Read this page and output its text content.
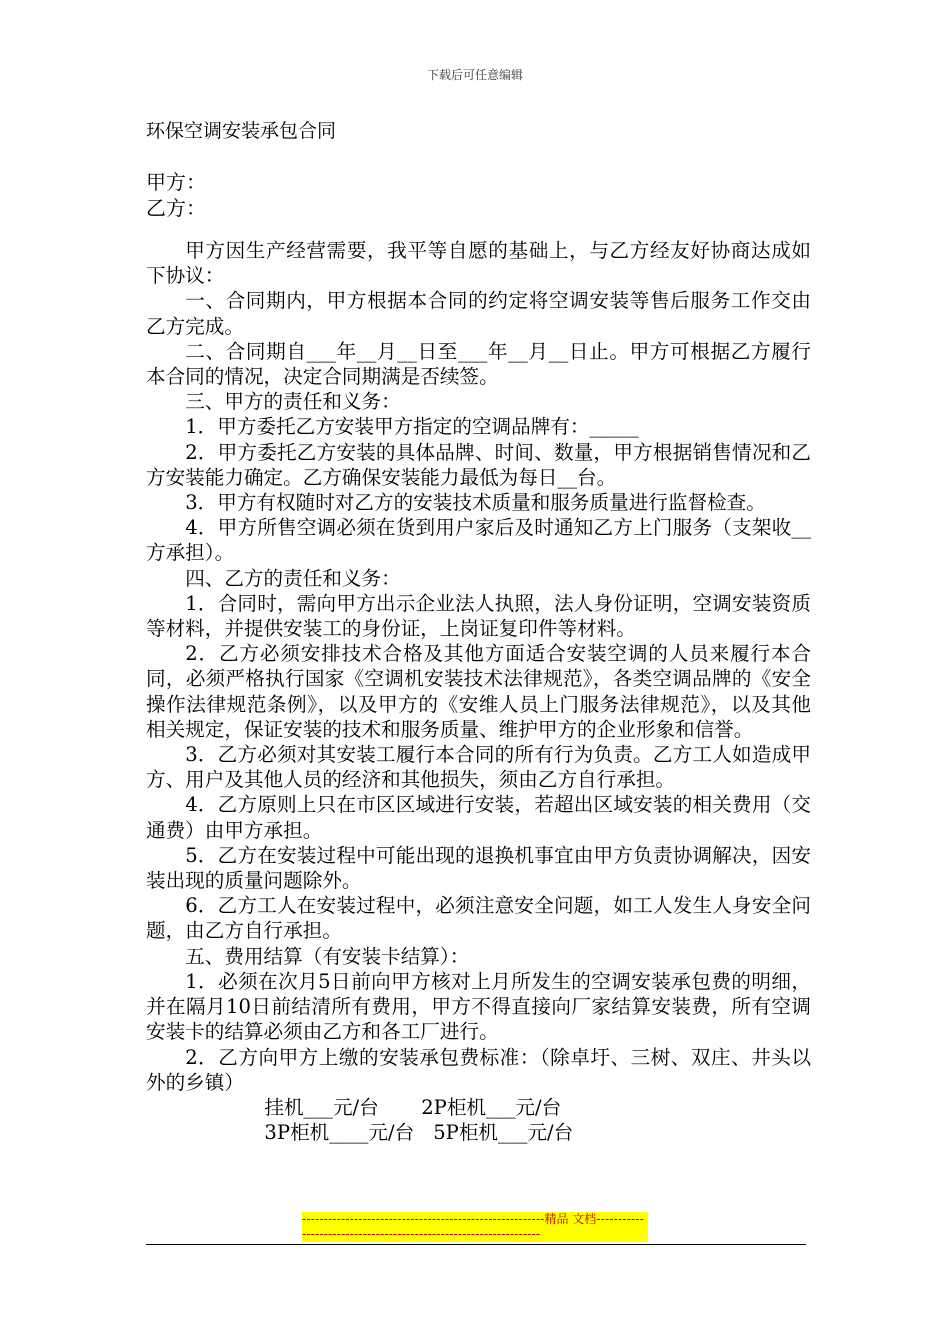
下载后可任意编辑
环保空调安装承包合同
甲方：
乙方：

甲方因生产经营需要，我平等自愿的基础上，与乙方经友好协商达成如下协议：

一、合同期内，甲方根据本合同的约定将空调安装等售后服务工作交由乙方完成。

二、合同期自___年__月__日至___年__月__日止。甲方可根据乙方履行本合同的情况，决定合同期满是否续签。

三、甲方的责任和义务：

1．甲方委托乙方安装甲方指定的空调品牌有：_____

2．甲方委托乙方安装的具体品牌、时间、数量，甲方根据销售情况和乙方安装能力确定。乙方确保安装能力最低为每日__台。

3．甲方有权随时对乙方的安装技术质量和服务质量进行监督检查。

4．甲方所售空调必须在货到用户家后及时通知乙方上门服务（支架收__方承担）。

四、乙方的责任和义务：

1．合同时，需向甲方出示企业法人执照，法人身份证明，空调安装资质等材料，并提供安装工的身份证，上岗证复印件等材料。

2．乙方必须安排技术合格及其他方面适合安装空调的人员来履行本合同，必须严格执行国家《空调机安装技术法律规范》，各类空调品牌的《安全操作法律规范条例》，以及甲方的《安维人员上门服务法律规范》，以及其他相关规定，保证安装的技术和服务质量、维护甲方的企业形象和信誉。

3．乙方必须对其安装工履行本合同的所有行为负责。乙方工人如造成甲方、用户及其他人员的经济和其他损失，须由乙方自行承担。

4．乙方原则上只在市区区域进行安装，若超出区域安装的相关费用（交通费）由甲方承担。

5．乙方在安装过程中可能出现的退换机事宜由甲方负责协调解决，因安装出现的质量问题除外。

6．乙方工人在安装过程中，必须注意安全问题，如工人发生人身安全问题，由乙方自行承担。

五、费用结算（有安装卡结算）：

1．必须在次月5日前向甲方核对上月所发生的空调安装承包费的明细，并在隔月10日前结清所有费用，甲方不得直接向厂家结算安装费，所有空调安装卡的结算必须由乙方和各工厂进行。

2．乙方向甲方上缴的安装承包费标准：（除卓圩、三树、双庄、井头以外的乡镇）

挂机___元/台 2P柜机___元/台

3P柜机____元/台 5P柜机___元/台

--------------------------------------------------------精品 文档------------------------------------------------------------------
